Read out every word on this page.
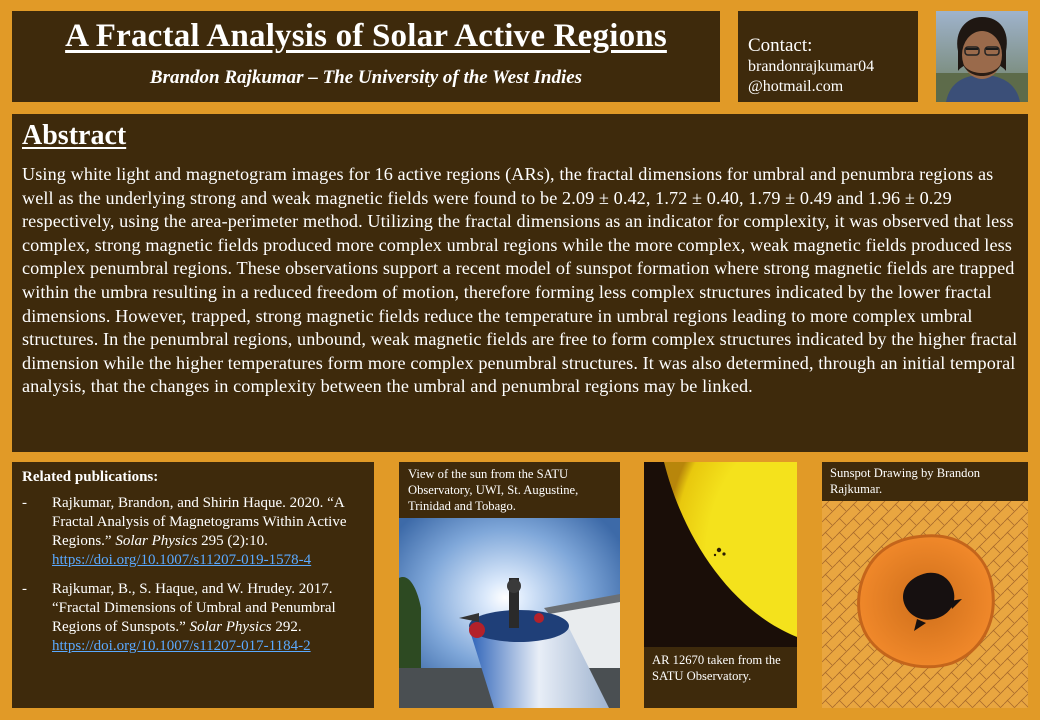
A Fractal Analysis of Solar Active Regions
Brandon Rajkumar – The University of the West Indies
Contact:
brandonrajkumar04
@hotmail.com
Abstract

Using white light and magnetogram images for 16 active regions (ARs), the fractal dimensions for umbral and penumbra regions as well as the underlying strong and weak magnetic fields were found to be 2.09 ± 0.42, 1.72 ± 0.40, 1.79 ± 0.49 and 1.96 ± 0.29 respectively, using the area-perimeter method. Utilizing the fractal dimensions as an indicator for complexity, it was observed that less complex, strong magnetic fields produced more complex umbral regions while the more complex, weak magnetic fields produced less complex penumbral regions. These observations support a recent model of sunspot formation where strong magnetic fields are trapped within the umbra resulting in a reduced freedom of motion, therefore forming less complex structures indicated by the lower fractal dimensions. However, trapped, strong magnetic fields reduce the temperature in umbral regions leading to more complex umbral structures. In the penumbral regions, unbound, weak magnetic fields are free to form complex structures indicated by the higher fractal dimension while the higher temperatures form more complex penumbral structures. It was also determined, through an initial temporal analysis, that the changes in complexity between the umbral and penumbral regions may be linked.

Related publications:
- Rajkumar, Brandon, and Shirin Haque. 2020. “A Fractal Analysis of Magnetograms Within Active Regions.” Solar Physics 295 (2):10. https://doi.org/10.1007/s11207-019-1578-4
- Rajkumar, B., S. Haque, and W. Hrudey. 2017. “Fractal Dimensions of Umbral and Penumbral Regions of Sunspots.” Solar Physics 292. https://doi.org/10.1007/s11207-017-1184-2
View of the sun from the SATU Observatory, UWI, St. Augustine, Trinidad and Tobago.
AR 12670 taken from the SATU Observatory.
Sunspot Drawing by Brandon Rajkumar.
